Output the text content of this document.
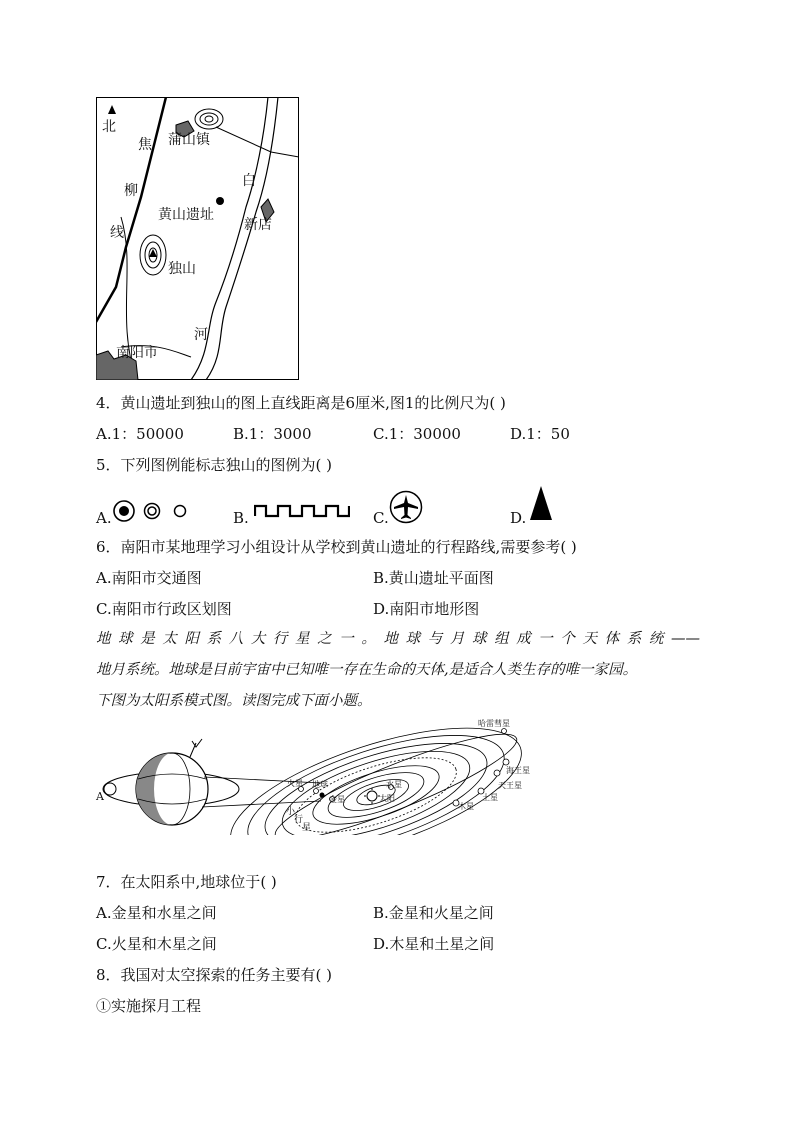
北
焦 蒲山镇
柳
白
黄山遗址
新店
线
独山
河
南阳市
4．黄山遗址到独山的图上直线距离是6厘米,图1的比例尺为( )
A.1：50000	B.1：3000	C.1：30000	D.1：50
5．下列图例能标志独山的图例为( )
A.	B.	C.	D.
6．南阳市某地理学习小组设计从学校到黄山遗址的行程路线,需要参考( )
A.南阳市交通图	B.黄山遗址平面图
C.南阳市行政区划图	D.南阳市地形图
地球是太阳系八大行星之一。地球与月球组成一个天体系统——
地月系统。地球是目前宇宙中已知唯一存在生命的天体,是适合人类生存的唯一家园。
下图为太阳系模式图。读图完成下面小题。
A
哈雷彗星
海王星
天王星
土星
木星
火星 地球
金星
水星
太阳
小
行
星
7．在太阳系中,地球位于( )
A.金星和水星之间	B.金星和火星之间
C.火星和木星之间	D.木星和土星之间
8．我国对太空探索的任务主要有( )
①实施探月工程
